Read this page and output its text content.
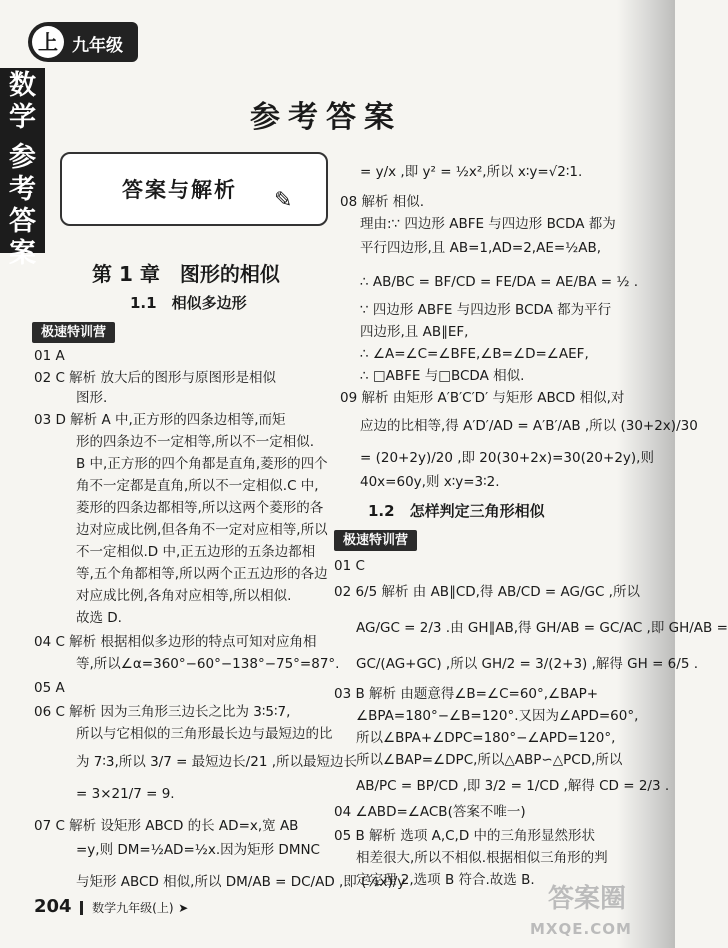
上 九年级
数
学
参
考
答
案
参考答案
答案与解析 ✎
第 1 章　图形的相似
1.1　相似多边形
极速特训营
01 A
02 C 解析 放大后的图形与原图形是相似
图形.
03 D 解析 A 中,正方形的四条边相等,而矩
形的四条边不一定相等,所以不一定相似.
B 中,正方形的四个角都是直角,菱形的四个
角不一定都是直角,所以不一定相似.C 中,
菱形的四条边都相等,所以这两个菱形的各
边对应成比例,但各角不一定对应相等,所以
不一定相似.D 中,正五边形的五条边都相
等,五个角都相等,所以两个正五边形的各边
对应成比例,各角对应相等,所以相似.
故选 D.
04 C 解析 根据相似多边形的特点可知对应角相
等,所以∠α=360°−60°−138°−75°=87°.
05 A
06 C 解析 因为三角形三边长之比为 3∶5∶7,
所以与它相似的三角形最长边与最短边的比
为 7∶3,所以 3/7 = 最短边长/21 ,所以最短边长
= 3×21/7 = 9.
07 C 解析 设矩形 ABCD 的长 AD=x,宽 AB
=y,则 DM=½AD=½x.因为矩形 DMNC
与矩形 ABCD 相似,所以 DM/AB = DC/AD ,即 (½x)/y
= y/x ,即 y² = ½x²,所以 x∶y=√2∶1.
08 解析 相似.
理由:∵ 四边形 ABFE 与四边形 BCDA 都为
平行四边形,且 AB=1,AD=2,AE=½AB,
∴ AB/BC = BF/CD = FE/DA = AE/BA = ½ .
∵ 四边形 ABFE 与四边形 BCDA 都为平行
四边形,且 AB∥EF,
∴ ∠A=∠C=∠BFE,∠B=∠D=∠AEF,
∴ □ABFE 与□BCDA 相似.
09 解析 由矩形 A′B′C′D′ 与矩形 ABCD 相似,对
应边的比相等,得 A′D′/AD = A′B′/AB ,所以 (30+2x)/30
= (20+2y)/20 ,即 20(30+2x)=30(20+2y),则
40x=60y,则 x∶y=3∶2.
1.2　怎样判定三角形相似
极速特训营
01 C
02 6/5 解析 由 AB∥CD,得 AB/CD = AG/GC ,所以
AG/GC = 2/3 .由 GH∥AB,得 GH/AB = GC/AC ,即 GH/AB =
GC/(AG+GC) ,所以 GH/2 = 3/(2+3) ,解得 GH = 6/5 .
03 B 解析 由题意得∠B=∠C=60°,∠BAP+
∠BPA=180°−∠B=120°.又因为∠APD=60°,
所以∠BPA+∠DPC=180°−∠APD=120°,
所以∠BAP=∠DPC,所以△ABP∽△PCD,所以
AB/PC = BP/CD ,即 3/2 = 1/CD ,解得 CD = 2/3 .
04 ∠ABD=∠ACB(答案不唯一)
05 B 解析 选项 A,C,D 中的三角形显然形状
相差很大,所以不相似.根据相似三角形的判
定定理 2,选项 B 符合.故选 B.
204 数学九年级(上) ➤	答案圈
MXQE.COM
